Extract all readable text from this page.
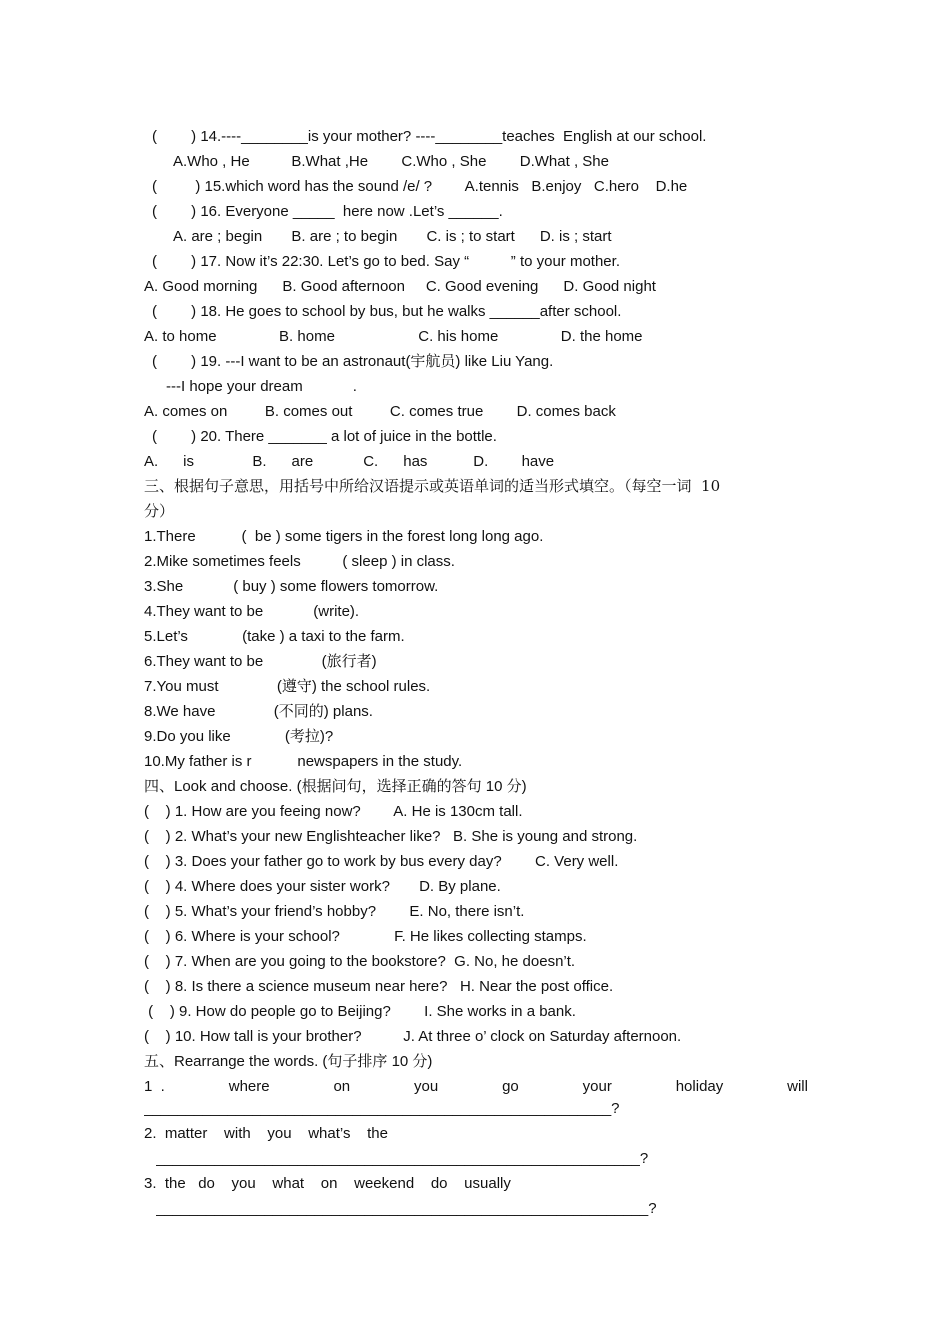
(　 　) 14.----________is your mother? ----________teaches  English at our school.
A.Who , He          B.What ,He        C.Who , She        D.What , She
(　 　 ) 15.which word has the sound /e/ ?        A.tennis   B.enjoy   C.hero    D.he
(　 　) 16. Everyone _____  here now .Let’s ______.
A. are ; begin       B. are ; to begin       C. is ; to start      D. is ; start
(　 　) 17. Now it’s 22:30. Let’s go to bed. Say “          ” to your mother.
A. Good morning      B. Good afternoon     C. Good evening      D. Good night
(　 　) 18. He goes to school by bus, but he walks ______after school.
A. to home               B. home                    C. his home               D. the home
(　 　) 19. ---I want to be an astronaut(宇航员) like Liu Yang.
---I hope your dream            .
A. comes on         B. comes out         C. comes true        D. comes back
(　 　) 20. There _______ a lot of juice in the bottle.
A.      is              B.      are            C.      has           D.        have
三、根据句子意思，用括号中所给汉语提示或英语单词的适当形式填空。（每空一词  10
分）
1.There           (  be ) some tigers in the forest long long ago.
2.Mike sometimes feels          ( sleep ) in class.
3.She            ( buy ) some flowers tomorrow.
4.They want to be            (write).
5.Let’s             (take ) a taxi to the farm.
6.They want to be              (旅行者)
7.You must              (遵守) the school rules.
8.We have              (不同的) plans.
9.Do you like             (考拉)?
10.My father is r           newspapers in the study.
四、Look and choose. (根据问句，选择正确的答句 10 分)
(    ) 1. How are you feeing now?        A. He is 130cm tall.
(    ) 2. What’s your new Englishteacher like?   B. She is young and strong.
(    ) 3. Does your father go to work by bus every day?        C. Very well.
(    ) 4. Where does your sister work?       D. By plane.
(    ) 5. What’s your friend’s hobby?        E. No, there isn’t.
(    ) 6. Where is your school?             F. He likes collecting stamps.
(    ) 7. When are you going to the bookstore?  G. No, he doesn’t.
(    ) 8. Is there a science museum near here?   H. Near the post office.
(    ) 9. How do people go to Beijing?        I. She works in a bank.
(    ) 10. How tall is your brother?          J. At three o’ clock on Saturday afternoon.
五、Rearrange the words. (句子排序 10 分)
1  .	where	on	you	go	your	holiday	will
________________________________________________________?
2.  matter    with    you    what’s    the
__________________________________________________________?
3.  the   do    you    what    on    weekend    do    usually
___________________________________________________________?
